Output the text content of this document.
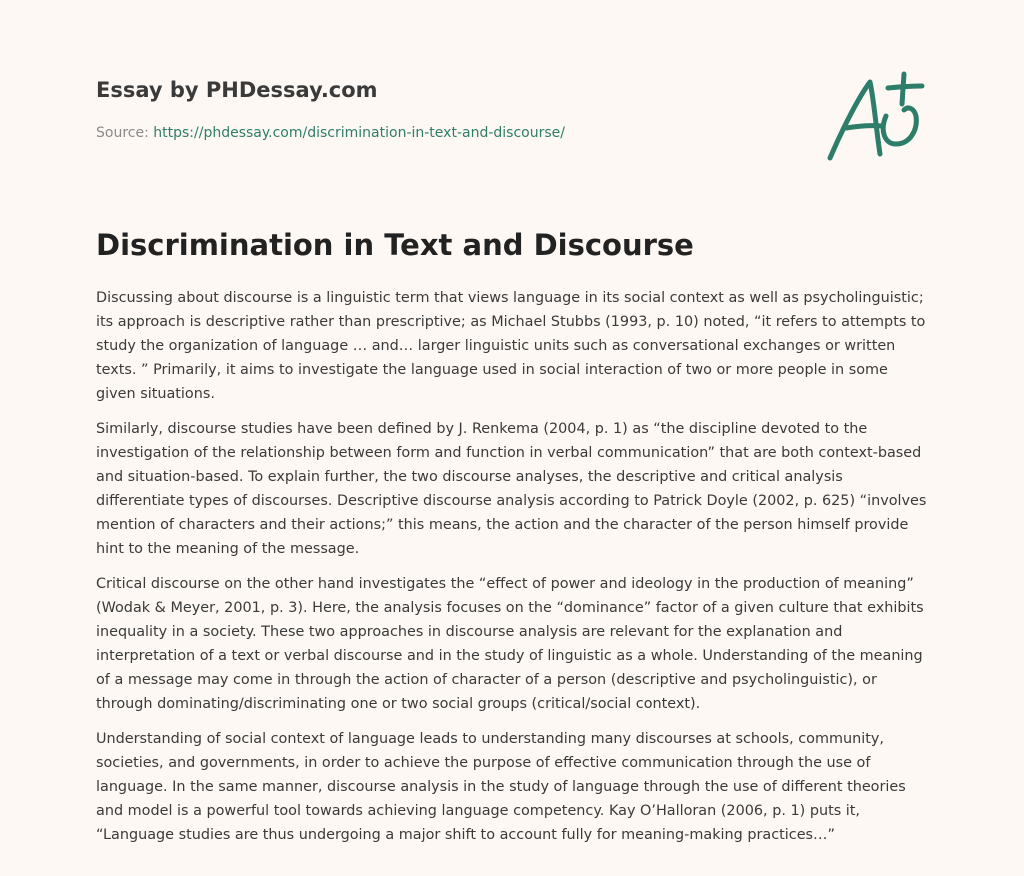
Essay by PHDessay.com
Source: https://phdessay.com/discrimination-in-text-and-discourse/
Discrimination in Text and Discourse

Discussing about discourse is a linguistic term that views language in its social context as well as psycholinguistic; its approach is descriptive rather than prescriptive; as Michael Stubbs (1993, p. 10) noted, “it refers to attempts to study the organization of language … and… larger linguistic units such as conversational exchanges or written texts. ” Primarily, it aims to investigate the language used in social interaction of two or more people in some given situations.

Similarly, discourse studies have been defined by J. Renkema (2004, p. 1) as “the discipline devoted to the investigation of the relationship between form and function in verbal communication” that are both context-based and situation-based. To explain further, the two discourse analyses, the descriptive and critical analysis differentiate types of discourses. Descriptive discourse analysis according to Patrick Doyle (2002, p. 625) “involves mention of characters and their actions;” this means, the action and the character of the person himself provide hint to the meaning of the message.

Critical discourse on the other hand investigates the “effect of power and ideology in the production of meaning” (Wodak & Meyer, 2001, p. 3). Here, the analysis focuses on the “dominance” factor of a given culture that exhibits inequality in a society. These two approaches in discourse analysis are relevant for the explanation and interpretation of a text or verbal discourse and in the study of linguistic as a whole. Understanding of the meaning of a message may come in through the action of character of a person (descriptive and psycholinguistic), or through dominating/discriminating one or two social groups (critical/social context).

Understanding of social context of language leads to understanding many discourses at schools, community, societies, and governments, in order to achieve the purpose of effective communication through the use of language. In the same manner, discourse analysis in the study of language through the use of different theories and model is a powerful tool towards achieving language competency. Kay O’Halloran (2006, p. 1) puts it, “Language studies are thus undergoing a major shift to account fully for meaning-making practices…”
